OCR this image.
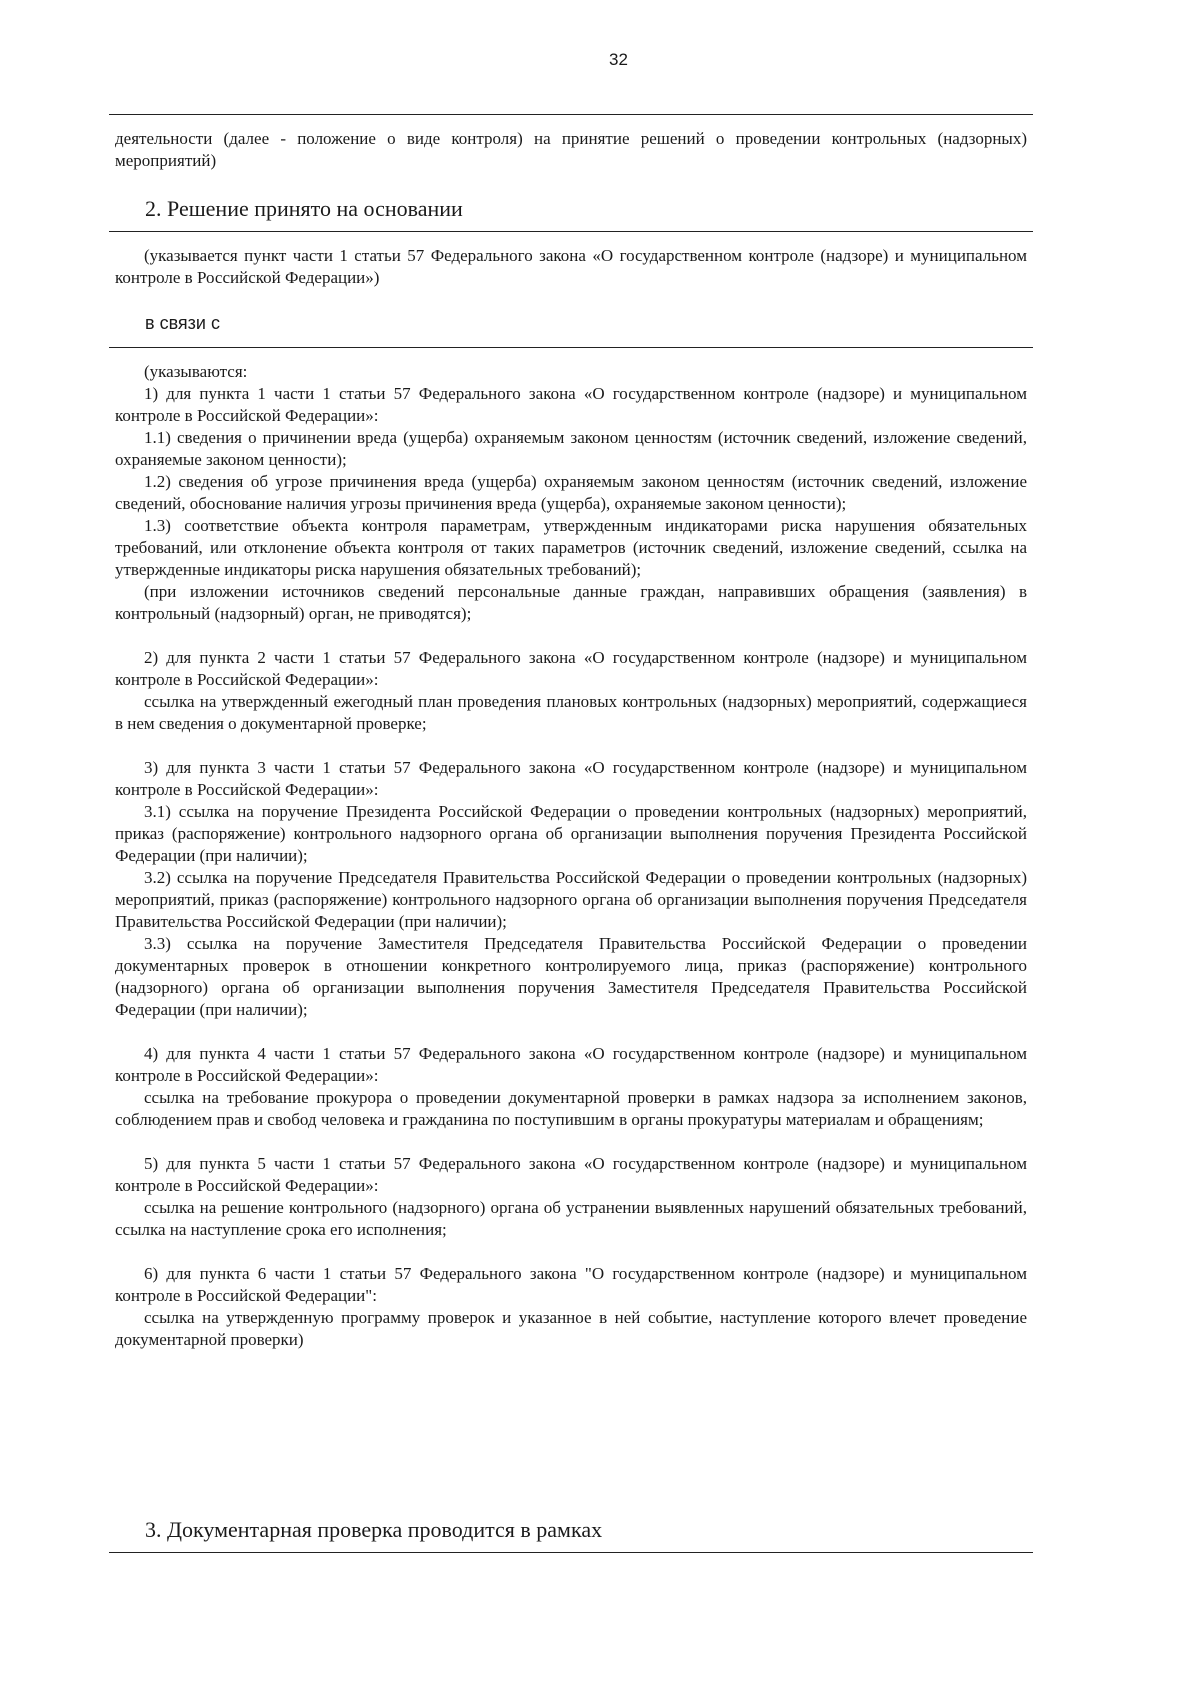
32

деятельности (далее - положение о виде контроля) на принятие решений о проведении контрольных (надзорных) мероприятий)

2. Решение принято на основании

(указывается пункт части 1 статьи 57 Федерального закона «О государственном контроле (надзоре) и муниципальном контроле в Российской Федерации»)

в связи с

(указываются:

1) для пункта 1 части 1 статьи 57 Федерального закона «О государственном контроле (надзоре) и муниципальном контроле в Российской Федерации»:

1.1) сведения о причинении вреда (ущерба) охраняемым законом ценностям (источник сведений, изложение сведений, охраняемые законом ценности);

1.2) сведения об угрозе причинения вреда (ущерба) охраняемым законом ценностям (источник сведений, изложение сведений, обоснование наличия угрозы причинения вреда (ущерба), охраняемые законом ценности);

1.3) соответствие объекта контроля параметрам, утвержденным индикаторами риска нарушения обязательных требований, или отклонение объекта контроля от таких параметров (источник сведений, изложение сведений, ссылка на утвержденные индикаторы риска нарушения обязательных требований);

(при изложении источников сведений персональные данные граждан, направивших обращения (заявления) в контрольный (надзорный) орган, не приводятся);

2) для пункта 2 части 1 статьи 57 Федерального закона «О государственном контроле (надзоре) и муниципальном контроле в Российской Федерации»:

ссылка на утвержденный ежегодный план проведения плановых контрольных (надзорных) мероприятий, содержащиеся в нем сведения о документарной проверке;

3) для пункта 3 части 1 статьи 57 Федерального закона «О государственном контроле (надзоре) и муниципальном контроле в Российской Федерации»:

3.1) ссылка на поручение Президента Российской Федерации о проведении контрольных (надзорных) мероприятий, приказ (распоряжение) контрольного надзорного органа об организации выполнения поручения Президента Российской Федерации (при наличии);

3.2) ссылка на поручение Председателя Правительства Российской Федерации о проведении контрольных (надзорных) мероприятий, приказ (распоряжение) контрольного надзорного органа об организации выполнения поручения Председателя Правительства Российской Федерации (при наличии);

3.3) ссылка на поручение Заместителя Председателя Правительства Российской Федерации о проведении документарных проверок в отношении конкретного контролируемого лица, приказ (распоряжение) контрольного (надзорного) органа об организации выполнения поручения Заместителя Председателя Правительства Российской Федерации (при наличии);

4) для пункта 4 части 1 статьи 57 Федерального закона «О государственном контроле (надзоре) и муниципальном контроле в Российской Федерации»:

ссылка на требование прокурора о проведении документарной проверки в рамках надзора за исполнением законов, соблюдением прав и свобод человека и гражданина по поступившим в органы прокуратуры материалам и обращениям;

5) для пункта 5 части 1 статьи 57 Федерального закона «О государственном контроле (надзоре) и муниципальном контроле в Российской Федерации»:

ссылка на решение контрольного (надзорного) органа об устранении выявленных нарушений обязательных требований, ссылка на наступление срока его исполнения;

6) для пункта 6 части 1 статьи 57 Федерального закона "О государственном контроле (надзоре) и муниципальном контроле в Российской Федерации":

ссылка на утвержденную программу проверок и указанное в ней событие, наступление которого влечет проведение документарной проверки)

3. Документарная проверка проводится в рамках
